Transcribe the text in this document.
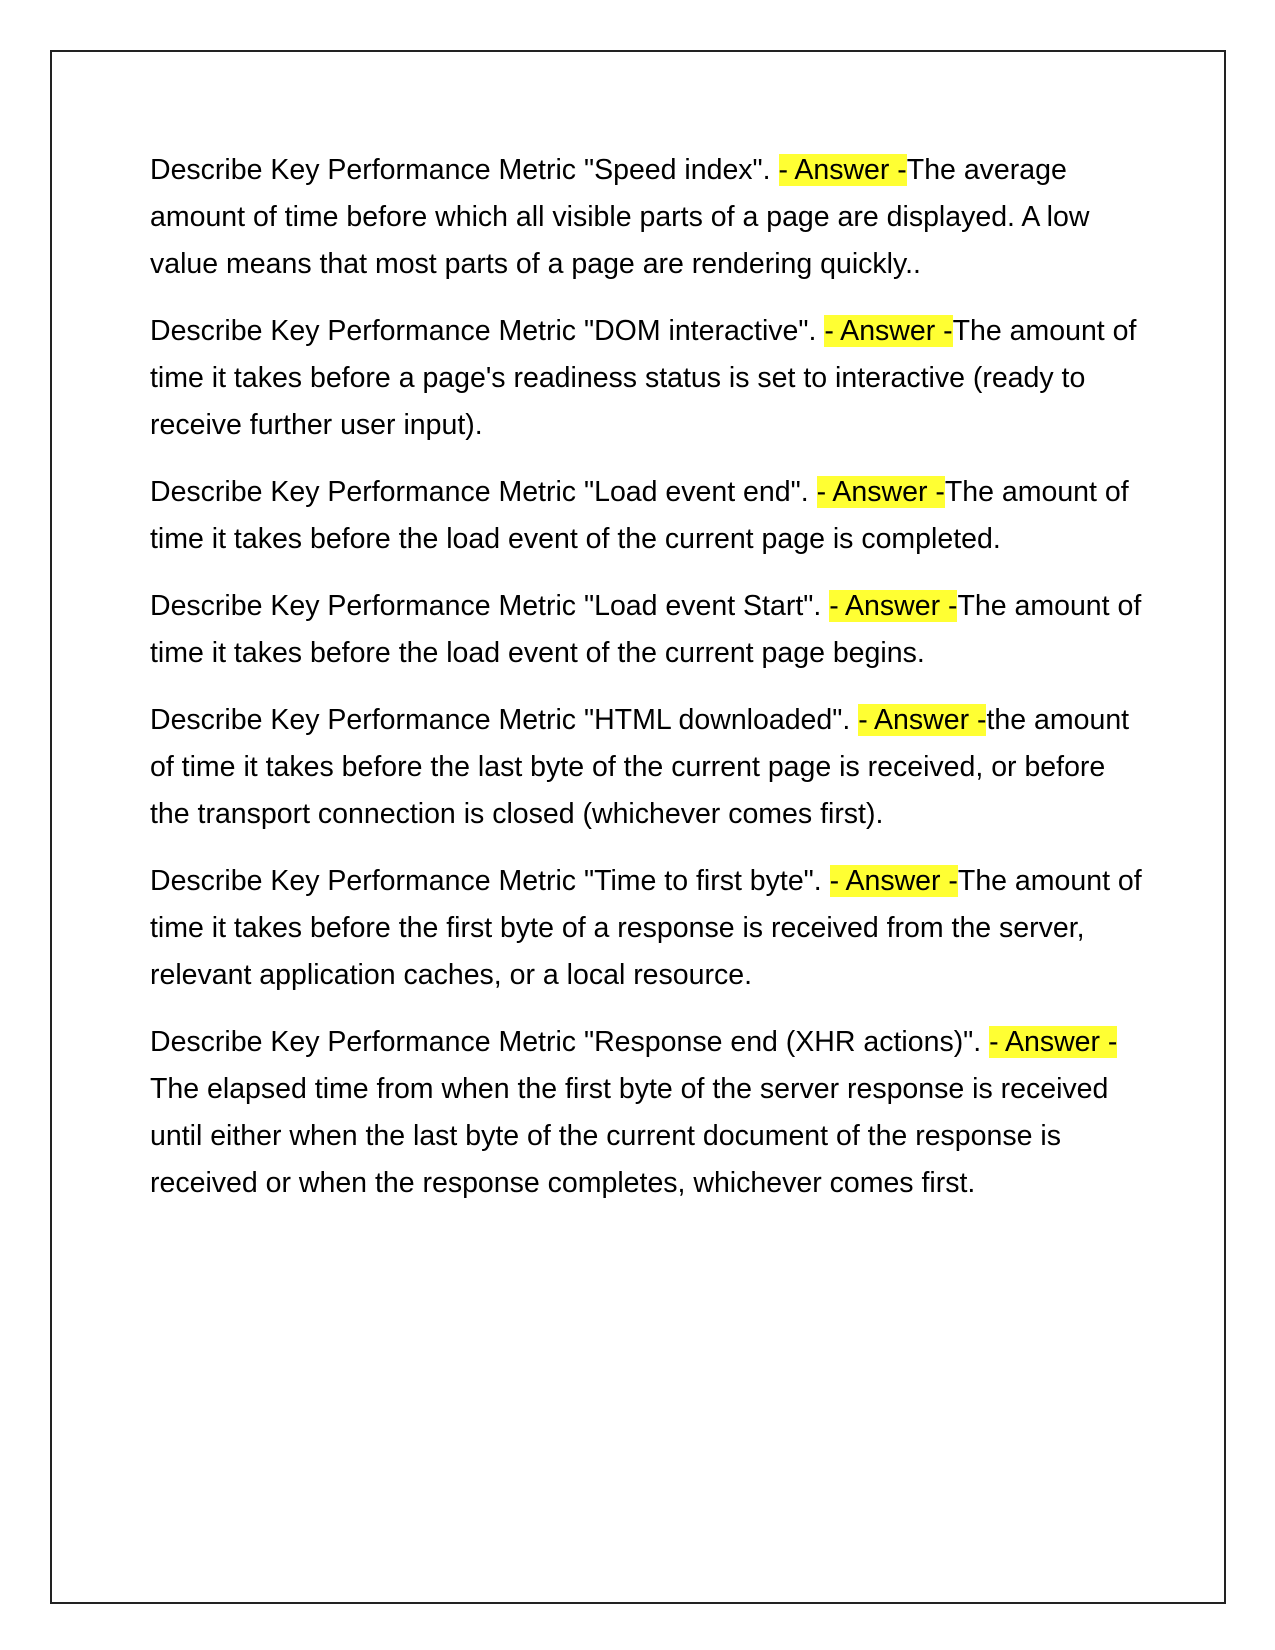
Describe Key Performance Metric "Speed index". - Answer -The average amount of time before which all visible parts of a page are displayed. A low value means that most parts of a page are rendering quickly..

Describe Key Performance Metric "DOM interactive". - Answer -The amount of time it takes before a page's readiness status is set to interactive (ready to receive further user input).

Describe Key Performance Metric "Load event end". - Answer -The amount of time it takes before the load event of the current page is completed.

Describe Key Performance Metric "Load event Start". - Answer -The amount of time it takes before the load event of the current page begins.

Describe Key Performance Metric "HTML downloaded". - Answer -the amount of time it takes before the last byte of the current page is received, or before the transport connection is closed (whichever comes first).

Describe Key Performance Metric "Time to first byte". - Answer -The amount of time it takes before the first byte of a response is received from the server, relevant application caches, or a local resource.

Describe Key Performance Metric "Response end (XHR actions)". - Answer -The elapsed time from when the first byte of the server response is received until either when the last byte of the current document of the response is received or when the response completes, whichever comes first.
